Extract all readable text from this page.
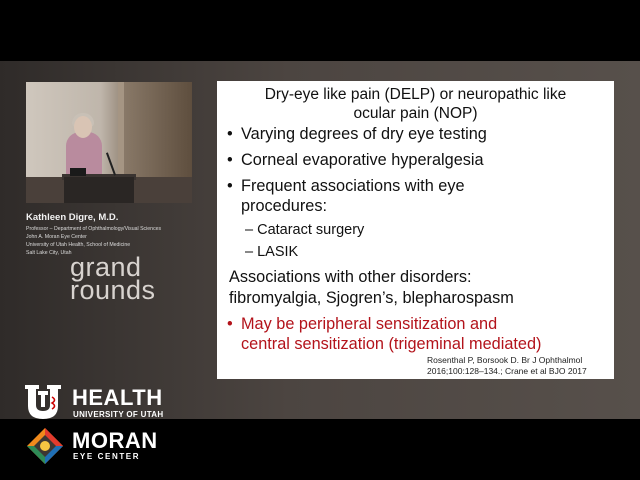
Kathleen Digre, M.D.
Professor – Department of Ophthalmology/Visual Sciences
John A. Moran Eye Center
University of Utah Health, School of Medicine
Salt Lake City, Utah
grand
rounds
HEALTH
UNIVERSITY OF UTAH
MORAN
EYE CENTER
Dry-eye like pain (DELP) or neuropathic like
ocular pain (NOP)
• Varying degrees of dry eye testing
• Corneal evaporative hyperalgesia
• Frequent associations with eye
procedures:
– Cataract surgery
– LASIK
Associations with other disorders:
fibromyalgia, Sjogren’s, blepharospasm
• May be peripheral sensitization and
central sensitization (trigeminal mediated)
Rosenthal P, Borsook D. Br J Ophthalmol
2016;100:128–134.; Crane et al BJO 2017
